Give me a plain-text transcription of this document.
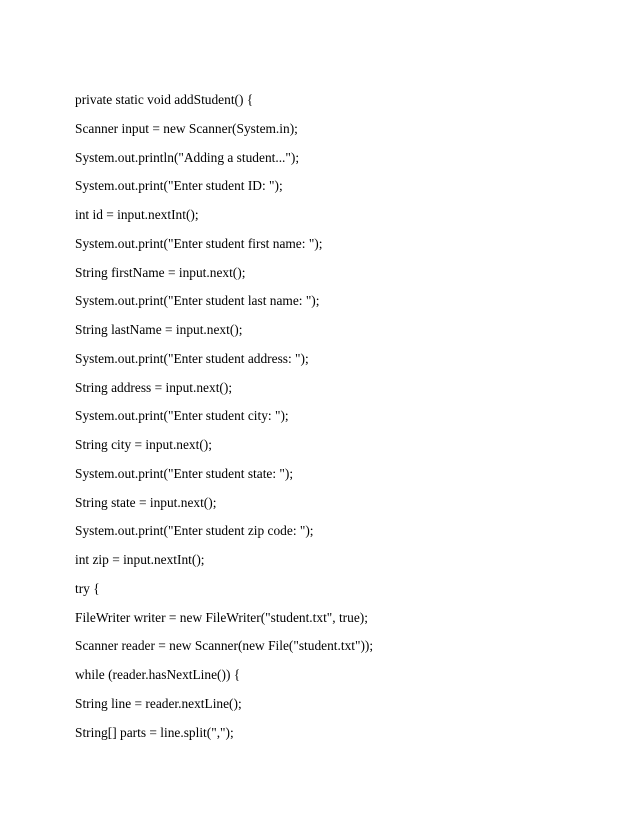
private static void addStudent() {
Scanner input = new Scanner(System.in);
System.out.println("Adding a student...");
System.out.print("Enter student ID: ");
int id = input.nextInt();
System.out.print("Enter student first name: ");
String firstName = input.next();
System.out.print("Enter student last name: ");
String lastName = input.next();
System.out.print("Enter student address: ");
String address = input.next();
System.out.print("Enter student city: ");
String city = input.next();
System.out.print("Enter student state: ");
String state = input.next();
System.out.print("Enter student zip code: ");
int zip = input.nextInt();
try {
FileWriter writer = new FileWriter("student.txt", true);
Scanner reader = new Scanner(new File("student.txt"));
while (reader.hasNextLine()) {
String line = reader.nextLine();
String[] parts = line.split(",");
